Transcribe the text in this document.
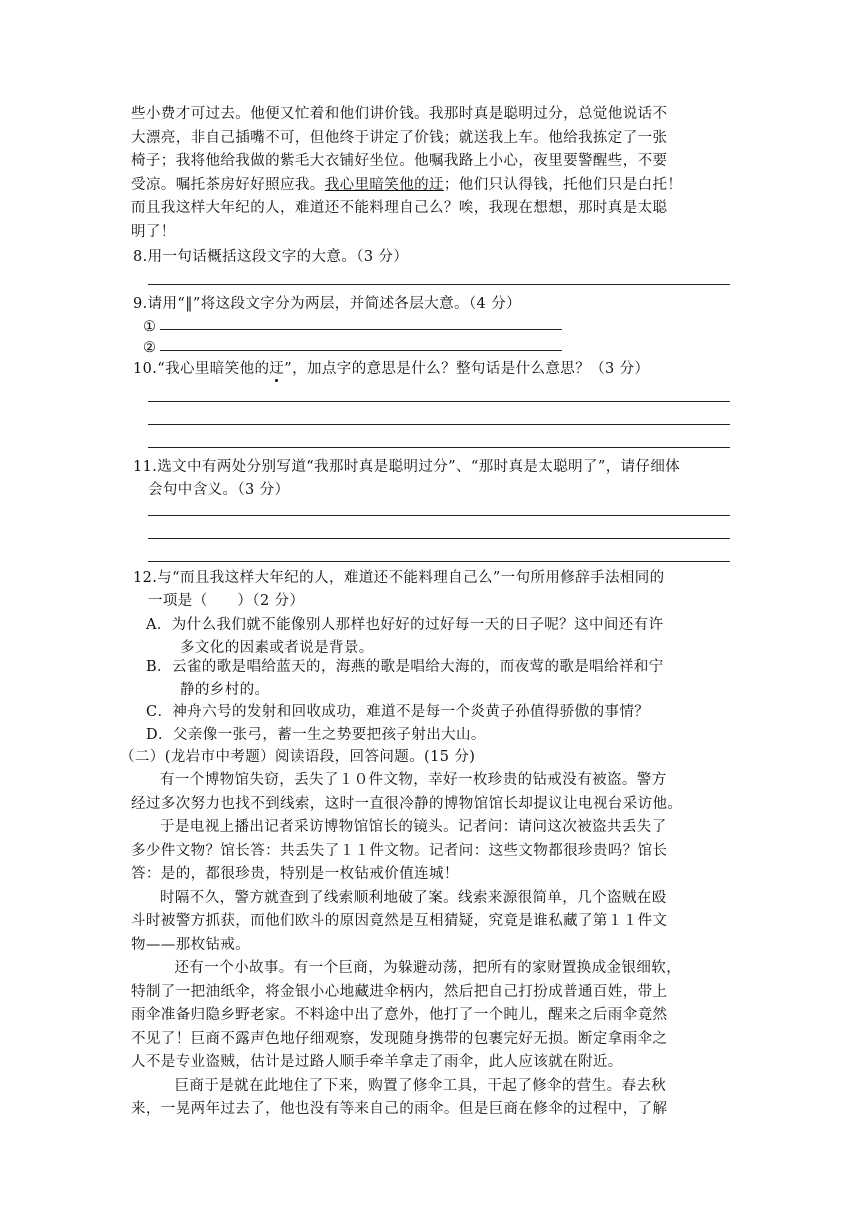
些小费才可过去。他便又忙着和他们讲价钱。我那时真是聪明过分，总觉他说话不
大漂亮，非自己插嘴不可，但他终于讲定了价钱；就送我上车。他给我拣定了一张
椅子；我将他给我做的紫毛大衣铺好坐位。他嘱我路上小心，夜里要警醒些，不要
受凉。嘱托茶房好好照应我。我心里暗笑他的迂；他们只认得钱，托他们只是白托！
而且我这样大年纪的人，难道还不能料理自己么？唉，我现在想想，那时真是太聪
明了！

8.用一句话概括这段文字的大意。（3 分）

9.请用“‖”将这段文字分为两层，并简述各层大意。（4 分）

①

②

10.“我心里暗笑他的迂”，加点字的意思是什么？整句话是什么意思？（3 分）

11.选文中有两处分别写道“我那时真是聪明过分”、“那时真是太聪明了”，请仔细体
会句中含义。（3 分）

12.与“而且我这样大年纪的人，难道还不能料理自己么”一句所用修辞手法相同的
一项是（　　）（2 分）

A．为什么我们就不能像别人那样也好好的过好每一天的日子呢？这中间还有许
多文化的因素或者说是背景。

B．云雀的歌是唱给蓝天的，海燕的歌是唱给大海的，而夜莺的歌是唱给祥和宁
静的乡村的。

C．神舟六号的发射和回收成功，难道不是每一个炎黄子孙值得骄傲的事情？

D．父亲像一张弓，蓄一生之势要把孩子射出大山。

（二）(龙岩市中考题）阅读语段，回答问题。(15 分)

有一个博物馆失窃，丢失了１０件文物，幸好一枚珍贵的钻戒没有被盗。警方
经过多次努力也找不到线索，这时一直很冷静的博物馆馆长却提议让电视台采访他。
于是电视上播出记者采访博物馆馆长的镜头。记者问：请问这次被盗共丢失了
多少件文物？馆长答：共丢失了１１件文物。记者问：这些文物都很珍贵吗？馆长
答：是的，都很珍贵，特别是一枚钻戒价值连城！
时隔不久，警方就查到了线索顺利地破了案。线索来源很简单，几个盗贼在殴
斗时被警方抓获，而他们欧斗的原因竟然是互相猜疑，究竟是谁私藏了第１１件文
物——那枚钻戒。
还有一个小故事。有一个巨商，为躲避动荡，把所有的家财置换成金银细软，
特制了一把油纸伞，将金银小心地藏进伞柄内，然后把自己打扮成普通百姓，带上
雨伞准备归隐乡野老家。不料途中出了意外，他打了一个盹儿，醒来之后雨伞竟然
不见了！巨商不露声色地仔细观察，发现随身携带的包裹完好无损。断定拿雨伞之
人不是专业盗贼，估计是过路人顺手牵羊拿走了雨伞，此人应该就在附近。
巨商于是就在此地住了下来，购置了修伞工具，干起了修伞的营生。春去秋
来，一晃两年过去了，他也没有等来自己的雨伞。但是巨商在修伞的过程中，了解
